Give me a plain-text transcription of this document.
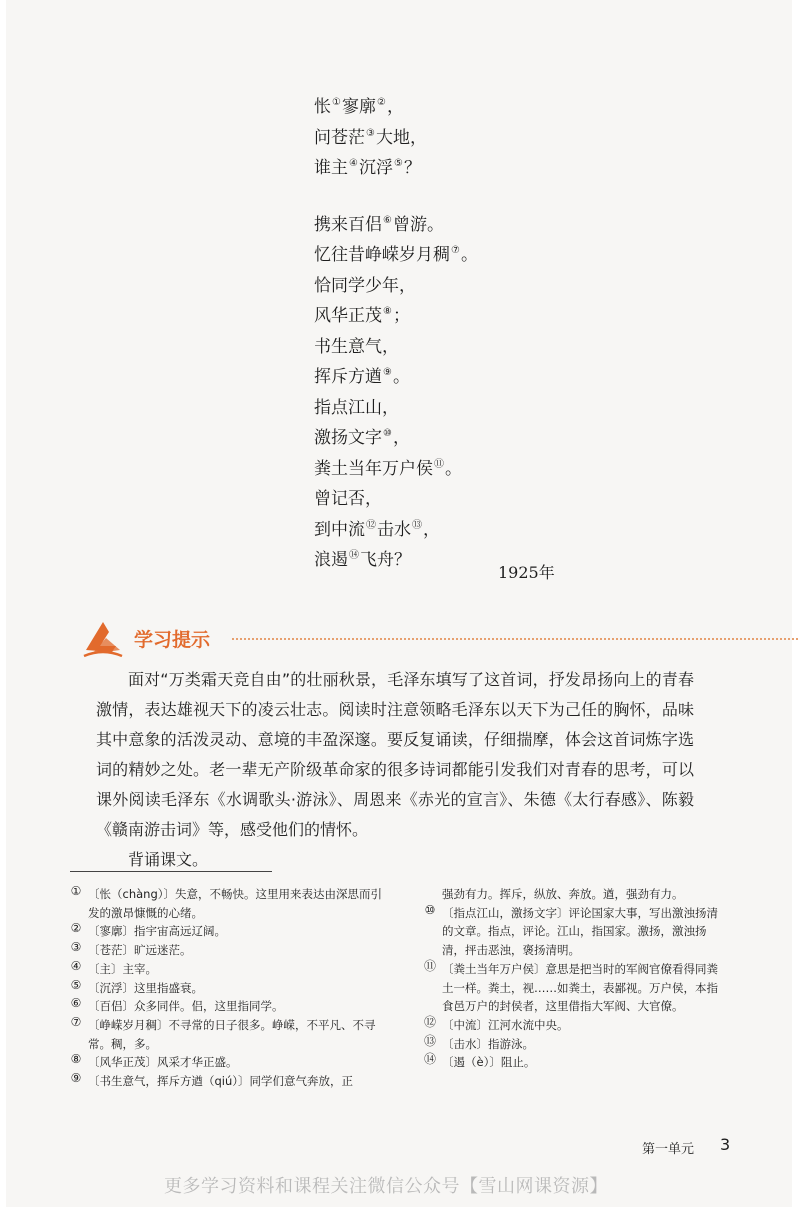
怅①寥廓②，
问苍茫③大地，
谁主④沉浮⑤？
携来百侣⑥曾游。
忆往昔峥嵘岁月稠⑦。
恰同学少年，
风华正茂⑧；
书生意气，
挥斥方遒⑨。
指点江山，
激扬文字⑩，
粪土当年万户侯⑪。
曾记否，
到中流⑫击水⑬，
浪遏⑭飞舟？
1925年
学习提示

面对“万类霜天竞自由”的壮丽秋景，毛泽东填写了这首词，抒发昂扬向上的青春激情，表达雄视天下的凌云壮志。阅读时注意领略毛泽东以天下为己任的胸怀，品味其中意象的活泼灵动、意境的丰盈深邃。要反复诵读，仔细揣摩，体会这首词炼字选词的精妙之处。老一辈无产阶级革命家的很多诗词都能引发我们对青春的思考，可以课外阅读毛泽东《水调歌头·游泳》、周恩来《赤光的宣言》、朱德《太行春感》、陈毅《赣南游击词》等，感受他们的情怀。

背诵课文。

① 〔怅（chàng）〕失意，不畅快。这里用来表达由深思而引发的激昂慷慨的心绪。
② 〔寥廓〕指宇宙高远辽阔。
③ 〔苍茫〕旷远迷茫。
④ 〔主〕主宰。
⑤ 〔沉浮〕这里指盛衰。
⑥ 〔百侣〕众多同伴。侣，这里指同学。
⑦ 〔峥嵘岁月稠〕不寻常的日子很多。峥嵘，不平凡、不寻常。稠，多。
⑧ 〔风华正茂〕风采才华正盛。
⑨ 〔书生意气，挥斥方遒（qiú）〕同学们意气奔放，正
强劲有力。挥斥，纵放、奔放。遒，强劲有力。
⑩ 〔指点江山，激扬文字〕评论国家大事，写出激浊扬清的文章。指点，评论。江山，指国家。激扬，激浊扬清，抨击恶浊，褒扬清明。
⑪ 〔粪土当年万户侯〕意思是把当时的军阀官僚看得同粪土一样。粪土，视……如粪土，表鄙视。万户侯，本指食邑万户的封侯者，这里借指大军阀、大官僚。
⑫ 〔中流〕江河水流中央。
⑬ 〔击水〕指游泳。
⑭ 〔遏（è）〕阻止。
第一单元 3
更多学习资料和课程关注微信公众号【雪山网课资源】
